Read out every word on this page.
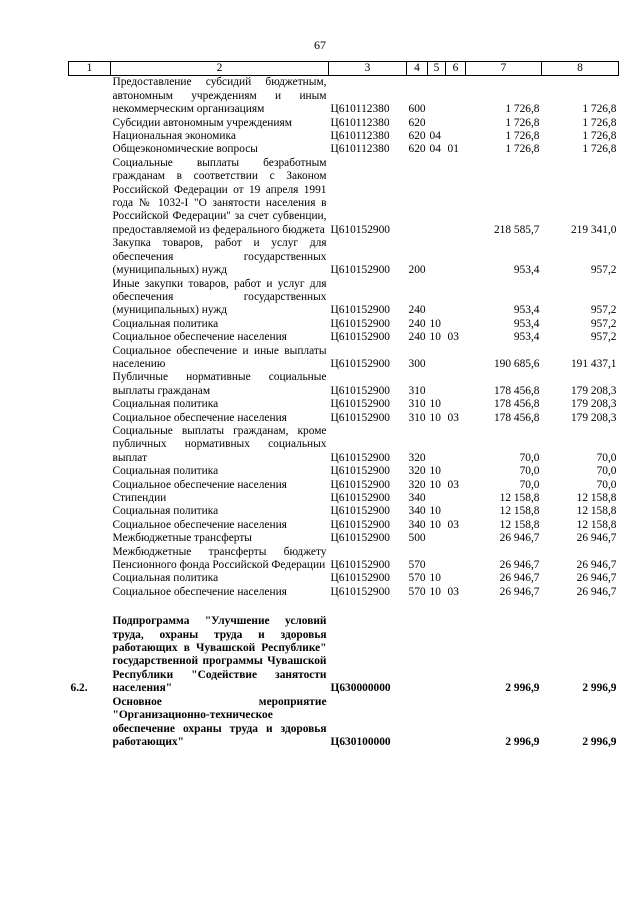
67
1	2	3	4	5	6	7	8
	Предоставление субсидий бюджетным, автономным учреждениям и иным некоммерческим организациям	Ц610112380	600			1 726,8	1 726,8
	Субсидии автономным учреждениям	Ц610112380	620			1 726,8	1 726,8
	Национальная экономика	Ц610112380	620	04		1 726,8	1 726,8
	Общеэкономические вопросы	Ц610112380	620	04	01	1 726,8	1 726,8
	Социальные выплаты безработным гражданам в соответствии с Законом Российской Федерации от 19 апреля 1991 года № 1032-I "О занятости населения в Российской Федерации" за счет субвенции, предоставляемой из федерального бюджета	Ц610152900				218 585,7	219 341,0
	Закупка товаров, работ и услуг для обеспечения государственных (муниципальных) нужд	Ц610152900	200			953,4	957,2
	Иные закупки товаров, работ и услуг для обеспечения государственных (муниципальных) нужд	Ц610152900	240			953,4	957,2
	Социальная политика	Ц610152900	240	10		953,4	957,2
	Социальное обеспечение населения	Ц610152900	240	10	03	953,4	957,2
	Социальное обеспечение и иные выплаты населению	Ц610152900	300			190 685,6	191 437,1
	Публичные нормативные социальные выплаты гражданам	Ц610152900	310			178 456,8	179 208,3
	Социальная политика	Ц610152900	310	10		178 456,8	179 208,3
	Социальное обеспечение населения	Ц610152900	310	10	03	178 456,8	179 208,3
	Социальные выплаты гражданам, кроме публичных нормативных социальных выплат	Ц610152900	320			70,0	70,0
	Социальная политика	Ц610152900	320	10		70,0	70,0
	Социальное обеспечение населения	Ц610152900	320	10	03	70,0	70,0
	Стипендии	Ц610152900	340			12 158,8	12 158,8
	Социальная политика	Ц610152900	340	10		12 158,8	12 158,8
	Социальное обеспечение населения	Ц610152900	340	10	03	12 158,8	12 158,8
	Межбюджетные трансферты	Ц610152900	500			26 946,7	26 946,7
	Межбюджетные трансферты бюджету Пенсионного фонда Российской Федерации	Ц610152900	570			26 946,7	26 946,7
	Социальная политика	Ц610152900	570	10		26 946,7	26 946,7
	Социальное обеспечение населения	Ц610152900	570	10	03	26 946,7	26 946,7
6.2.	Подпрограмма "Улучшение условий труда, охраны труда и здоровья работающих в Чувашской Республике" государственной программы Чувашской Республики "Содействие занятости населения"	Ц630000000				2 996,9	2 996,9
	Основное мероприятие "Организационно-техническое обеспечение охраны труда и здоровья работающих"	Ц630100000				2 996,9	2 996,9
